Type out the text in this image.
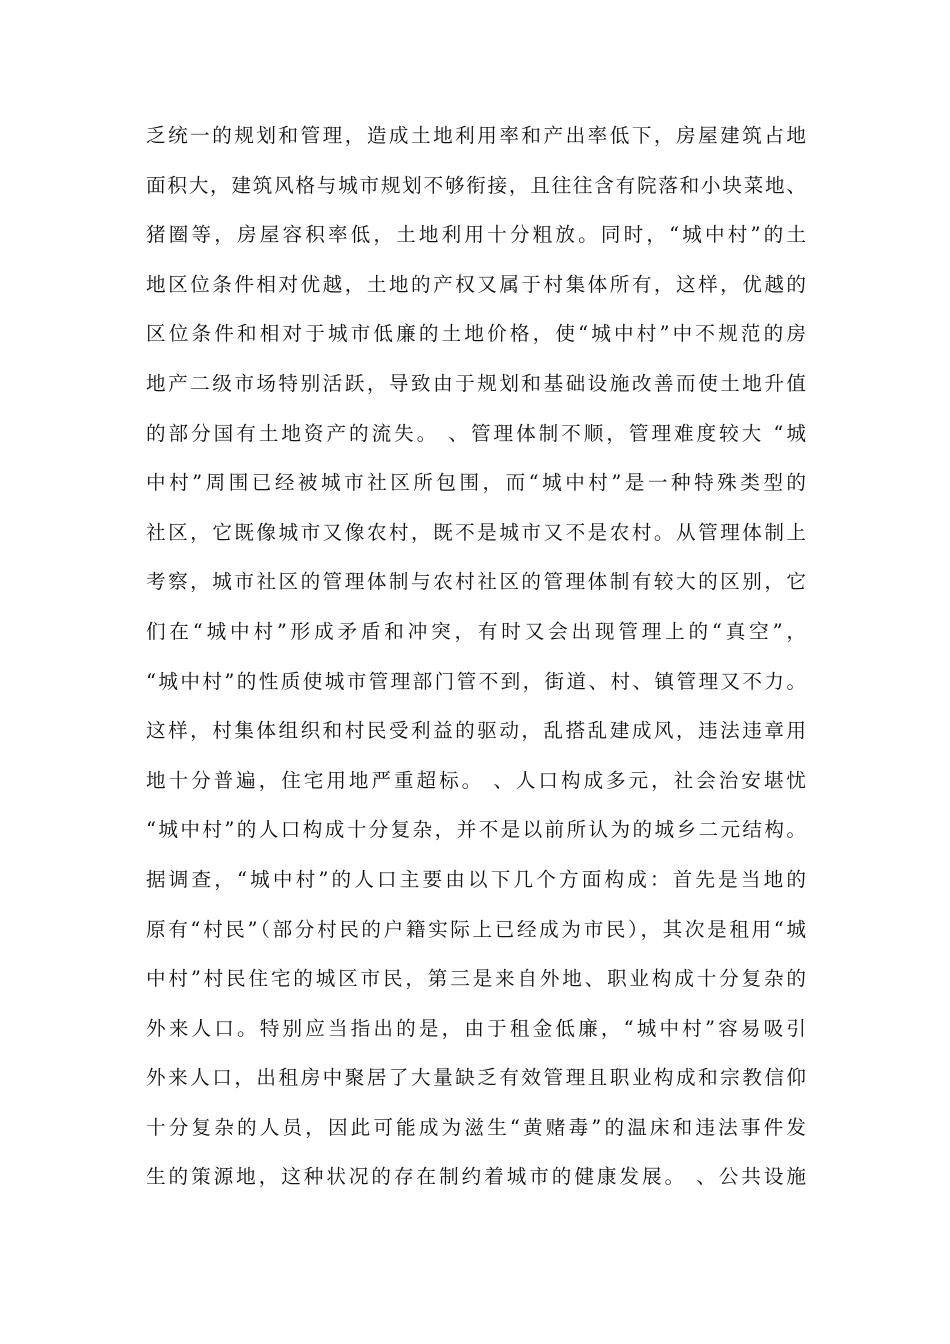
乏统一的规划和管理，造成土地利用率和产出率低下，房屋建筑占地
面积大，建筑风格与城市规划不够衔接，且往往含有院落和小块菜地、
猪圈等，房屋容积率低，土地利用十分粗放。同时，“城中村”的土
地区位条件相对优越，土地的产权又属于村集体所有，这样，优越的
区位条件和相对于城市低廉的土地价格，使“城中村”中不规范的房
地产二级市场特别活跃，导致由于规划和基础设施改善而使土地升值
的部分国有土地资产的流失。 、管理体制不顺，管理难度较大 “城
中村”周围已经被城市社区所包围，而“城中村”是一种特殊类型的
社区，它既像城市又像农村，既不是城市又不是农村。从管理体制上
考察，城市社区的管理体制与农村社区的管理体制有较大的区别，它
们在“城中村”形成矛盾和冲突，有时又会出现管理上的“真空”，
“城中村”的性质使城市管理部门管不到，街道、村、镇管理又不力。
这样，村集体组织和村民受利益的驱动，乱搭乱建成风，违法违章用
地十分普遍，住宅用地严重超标。 、人口构成多元，社会治安堪忧
“城中村”的人口构成十分复杂，并不是以前所认为的城乡二元结构。
据调查，“城中村”的人口主要由以下几个方面构成：首先是当地的
原有“村民”（部分村民的户籍实际上已经成为市民），其次是租用“城
中村”村民住宅的城区市民，第三是来自外地、职业构成十分复杂的
外来人口。特别应当指出的是，由于租金低廉，“城中村”容易吸引
外来人口，出租房中聚居了大量缺乏有效管理且职业构成和宗教信仰
十分复杂的人员，因此可能成为滋生“黄赌毒”的温床和违法事件发
生的策源地，这种状况的存在制约着城市的健康发展。 、公共设施
